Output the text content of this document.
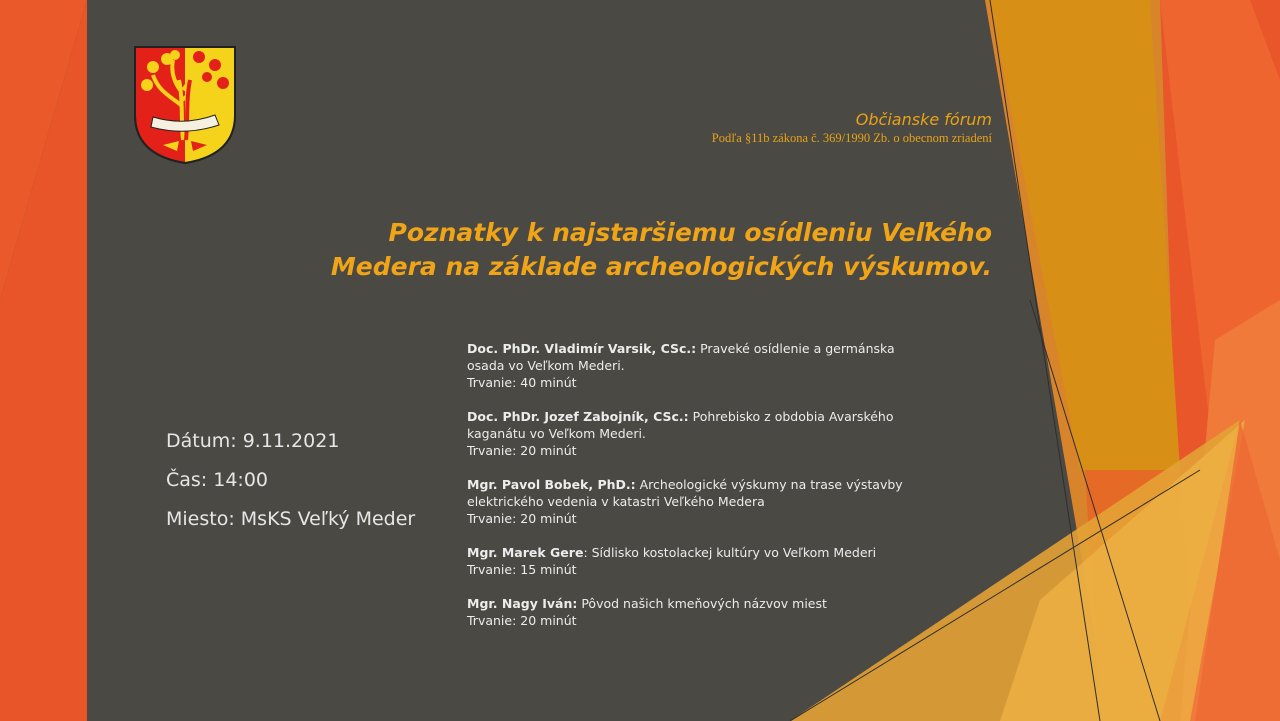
Občianske fórum
Podľa §11b zákona č. 369/1990 Zb. o obecnom zriadení
Poznatky k najstaršiemu osídleniu Veľkého
Medera na základe archeologických výskumov.
Dátum: 9.11.2021
Čas: 14:00
Miesto: MsKS Veľký Meder
Doc. PhDr. Vladimír Varsik, CSc.: Praveké osídlenie a germánska osada vo Veľkom Mederi.
Trvanie: 40 minút
Doc. PhDr. Jozef Zabojník, CSc.: Pohrebisko z obdobia Avarského kaganátu vo Veľkom Mederi.
Trvanie: 20 minút
Mgr. Pavol Bobek, PhD.: Archeologické výskumy na trase výstavby elektrického vedenia v katastri Veľkého Medera
Trvanie: 20 minút
Mgr. Marek Gere: Sídlisko kostolackej kultúry vo Veľkom Mederi
Trvanie: 15 minút
Mgr. Nagy Iván: Pôvod našich kmeňových názvov miest
Trvanie: 20 minút
